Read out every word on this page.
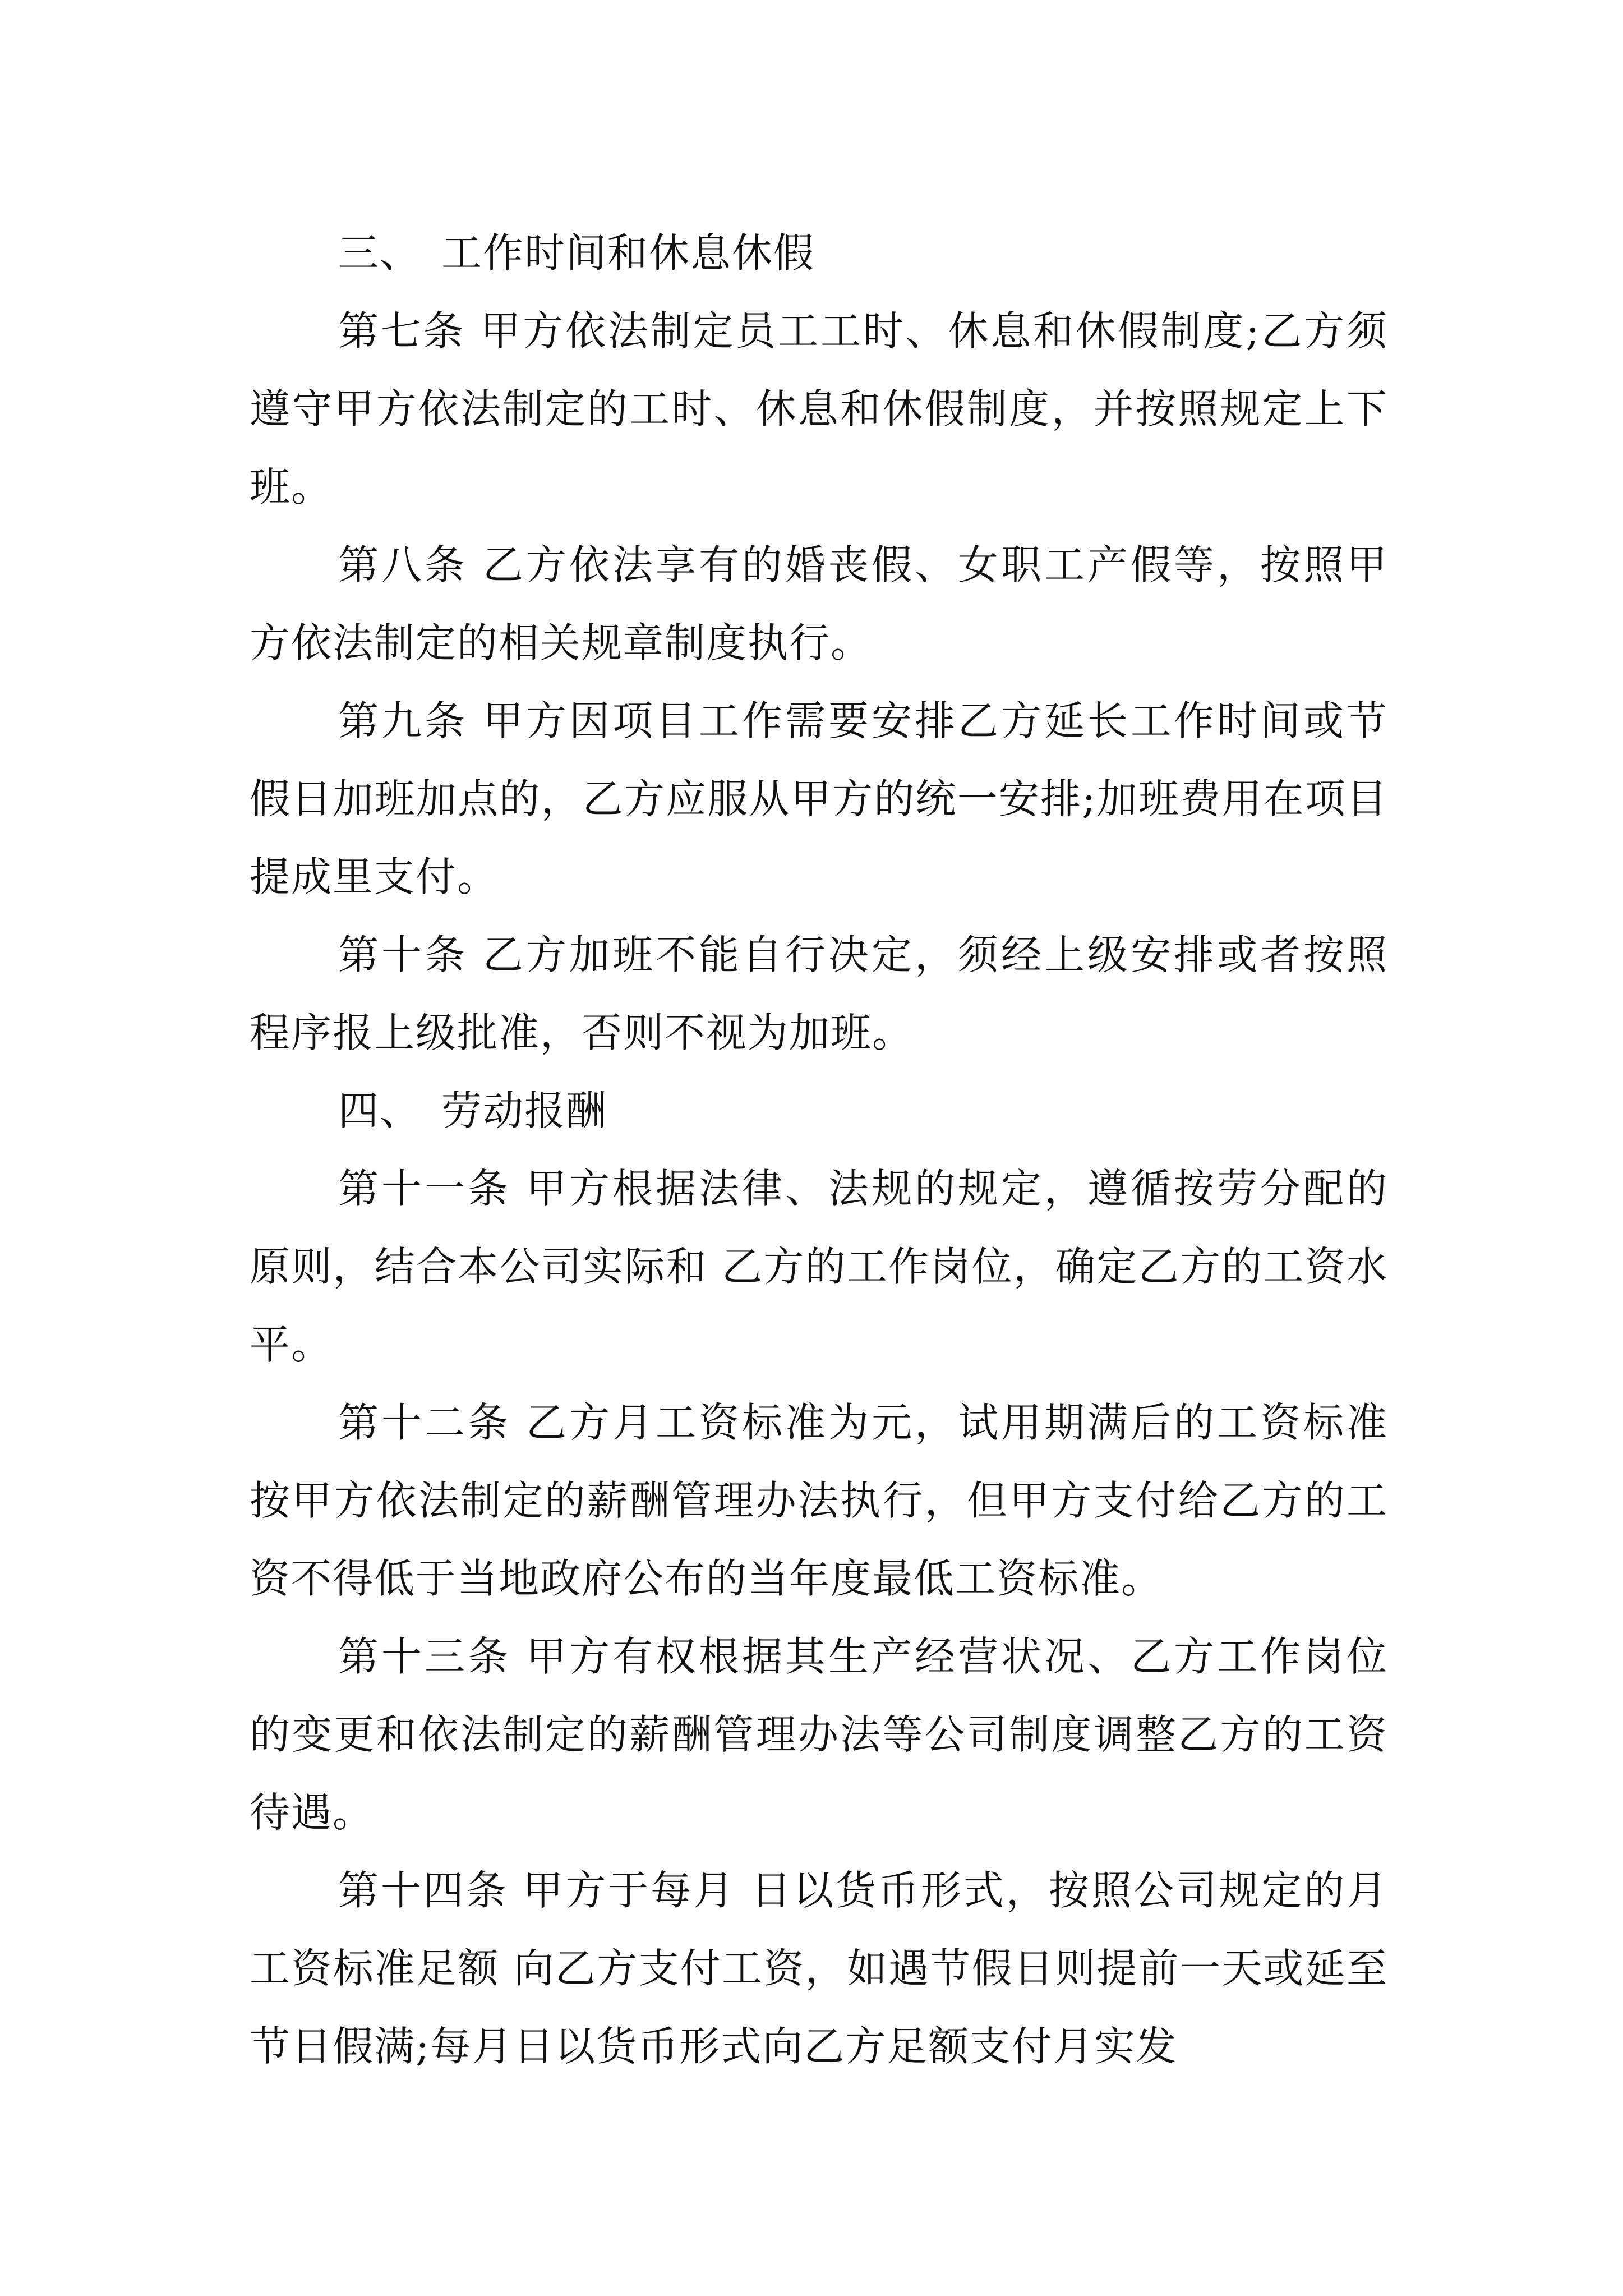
三、 工作时间和休息休假

第七条 甲方依法制定员工工时、休息和休假制度;乙方须遵守甲方依法制定的工时、休息和休假制度，并按照规定上下班。

第八条 乙方依法享有的婚丧假、女职工产假等，按照甲方依法制定的相关规章制度执行。

第九条 甲方因项目工作需要安排乙方延长工作时间或节假日加班加点的，乙方应服从甲方的统一安排;加班费用在项目提成里支付。

第十条 乙方加班不能自行决定，须经上级安排或者按照程序报上级批准，否则不视为加班。

四、 劳动报酬

第十一条 甲方根据法律、法规的规定，遵循按劳分配的原则，结合本公司实际和 乙方的工作岗位，确定乙方的工资水平。

第十二条 乙方月工资标准为元，试用期满后的工资标准按甲方依法制定的薪酬管理办法执行，但甲方支付给乙方的工资不得低于当地政府公布的当年度最低工资标准。

第十三条 甲方有权根据其生产经营状况、乙方工作岗位的变更和依法制定的薪酬管理办法等公司制度调整乙方的工资待遇。

第十四条 甲方于每月 日以货币形式，按照公司规定的月工资标准足额 向乙方支付工资，如遇节假日则提前一天或延至节日假满;每月日以货币形式向乙方足额支付月实发
